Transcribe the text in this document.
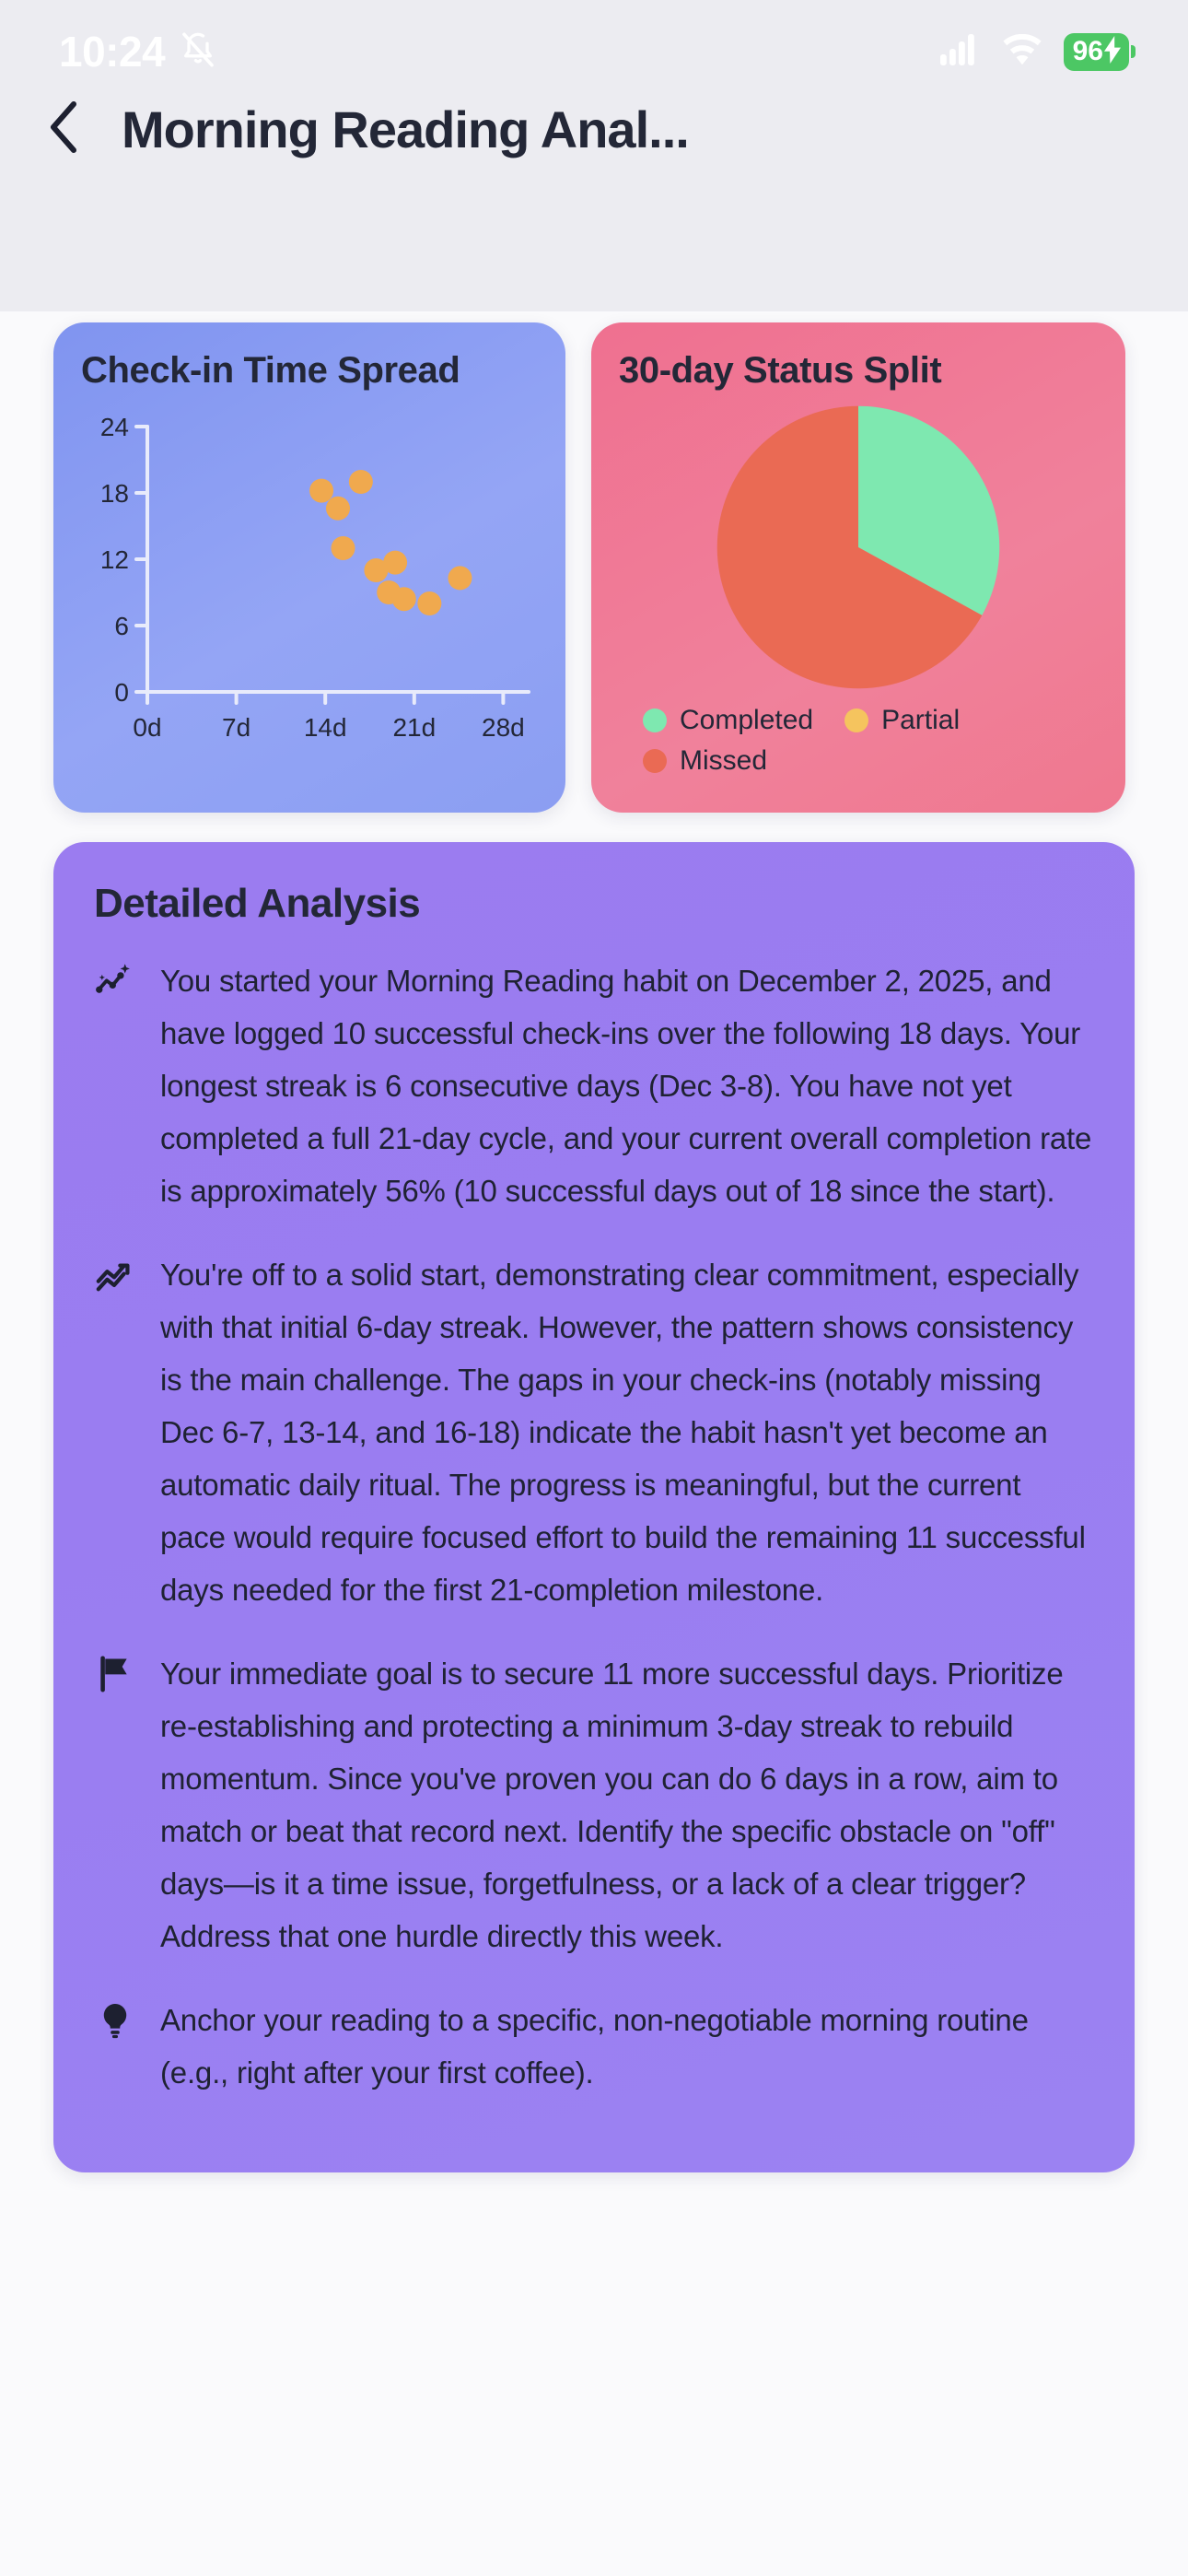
10:24	96
Morning Reading Anal...
Check-in Time Spread
0
6
12
18
24
0d 7d 14d 21d 28d
30-day Status Split
Completed Partial
Missed
Detailed Analysis
You started your Morning Reading habit on December 2, 2025, and have logged 10 successful check-ins over the following 18 days. Your longest streak is 6 consecutive days (Dec 3-8). You have not yet completed a full 21-day cycle, and your current overall completion rate is approximately 56% (10 successful days out of 18 since the start).
You're off to a solid start, demonstrating clear commitment, especially with that initial 6-day streak. However, the pattern shows consistency is the main challenge. The gaps in your check-ins (notably missing Dec 6-7, 13-14, and 16-18) indicate the habit hasn't yet become an automatic daily ritual. The progress is meaningful, but the current pace would require focused effort to build the remaining 11 successful days needed for the first 21-completion milestone.
Your immediate goal is to secure 11 more successful days. Prioritize re-establishing and protecting a minimum 3-day streak to rebuild momentum. Since you've proven you can do 6 days in a row, aim to match or beat that record next. Identify the specific obstacle on "off" days—is it a time issue, forgetfulness, or a lack of a clear trigger? Address that one hurdle directly this week.
Anchor your reading to a specific, non-negotiable morning routine (e.g., right after your first coffee).
